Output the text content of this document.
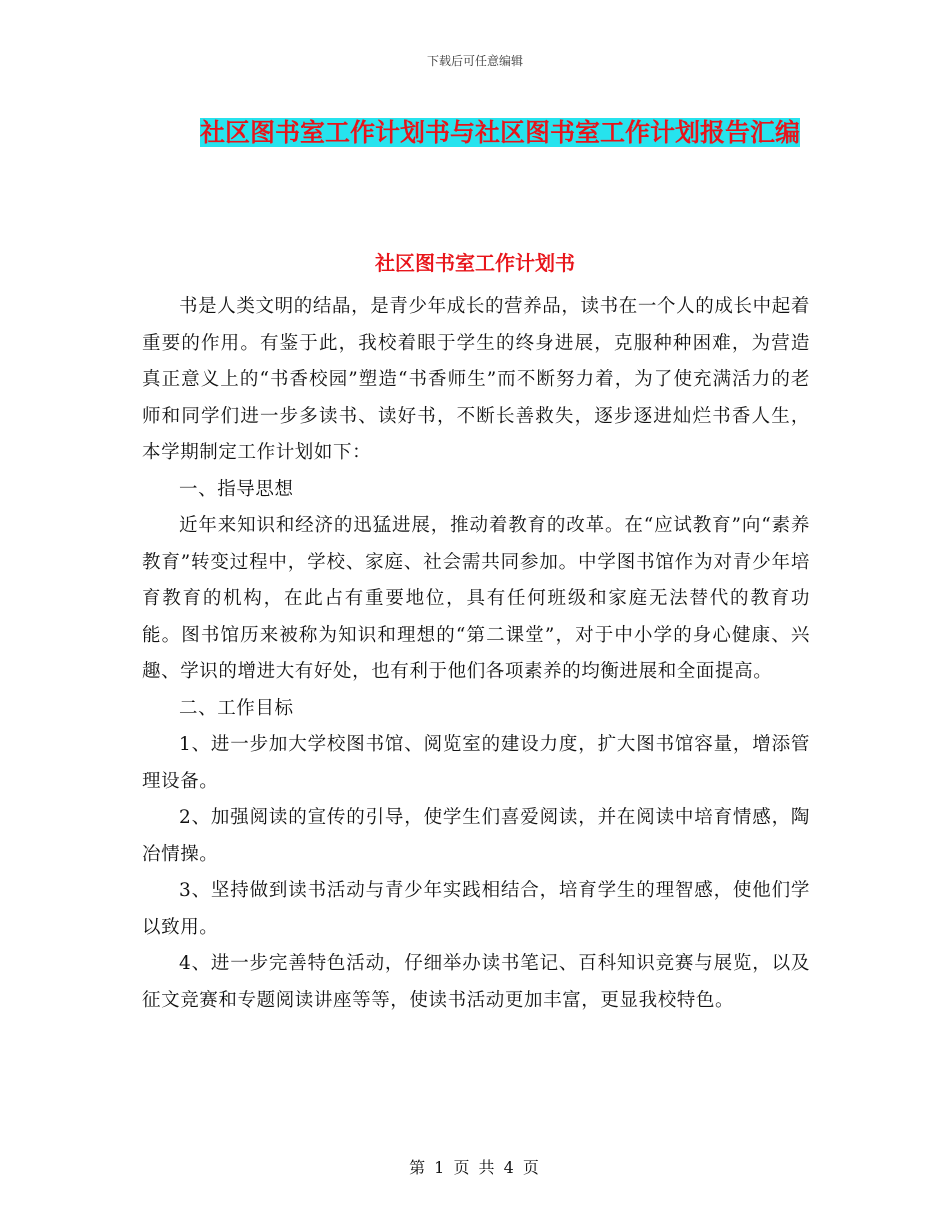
下载后可任意编辑
社区图书室工作计划书与社区图书室工作计划报告汇编
社区图书室工作计划书

书是人类文明的结晶，是青少年成长的营养品，读书在一个人的成长中起着重要的作用。有鉴于此，我校着眼于学生的终身进展，克服种种困难，为营造真正意义上的“书香校园”塑造“书香师生”而不断努力着，为了使充满活力的老师和同学们进一步多读书、读好书，不断长善救失，逐步逐进灿烂书香人生，本学期制定工作计划如下：

一、指导思想

近年来知识和经济的迅猛进展，推动着教育的改革。在“应试教育”向“素养教育”转变过程中，学校、家庭、社会需共同参加。中学图书馆作为对青少年培育教育的机构，在此占有重要地位，具有任何班级和家庭无法替代的教育功能。图书馆历来被称为知识和理想的“第二课堂”，对于中小学的身心健康、兴趣、学识的增进大有好处，也有利于他们各项素养的均衡进展和全面提高。

二、工作目标

1、进一步加大学校图书馆、阅览室的建设力度，扩大图书馆容量，增添管理设备。

2、加强阅读的宣传的引导，使学生们喜爱阅读，并在阅读中培育情感，陶冶情操。

3、坚持做到读书活动与青少年实践相结合，培育学生的理智感，使他们学以致用。

4、进一步完善特色活动，仔细举办读书笔记、百科知识竞赛与展览，以及征文竞赛和专题阅读讲座等等，使读书活动更加丰富，更显我校特色。

第 1 页 共 4 页
